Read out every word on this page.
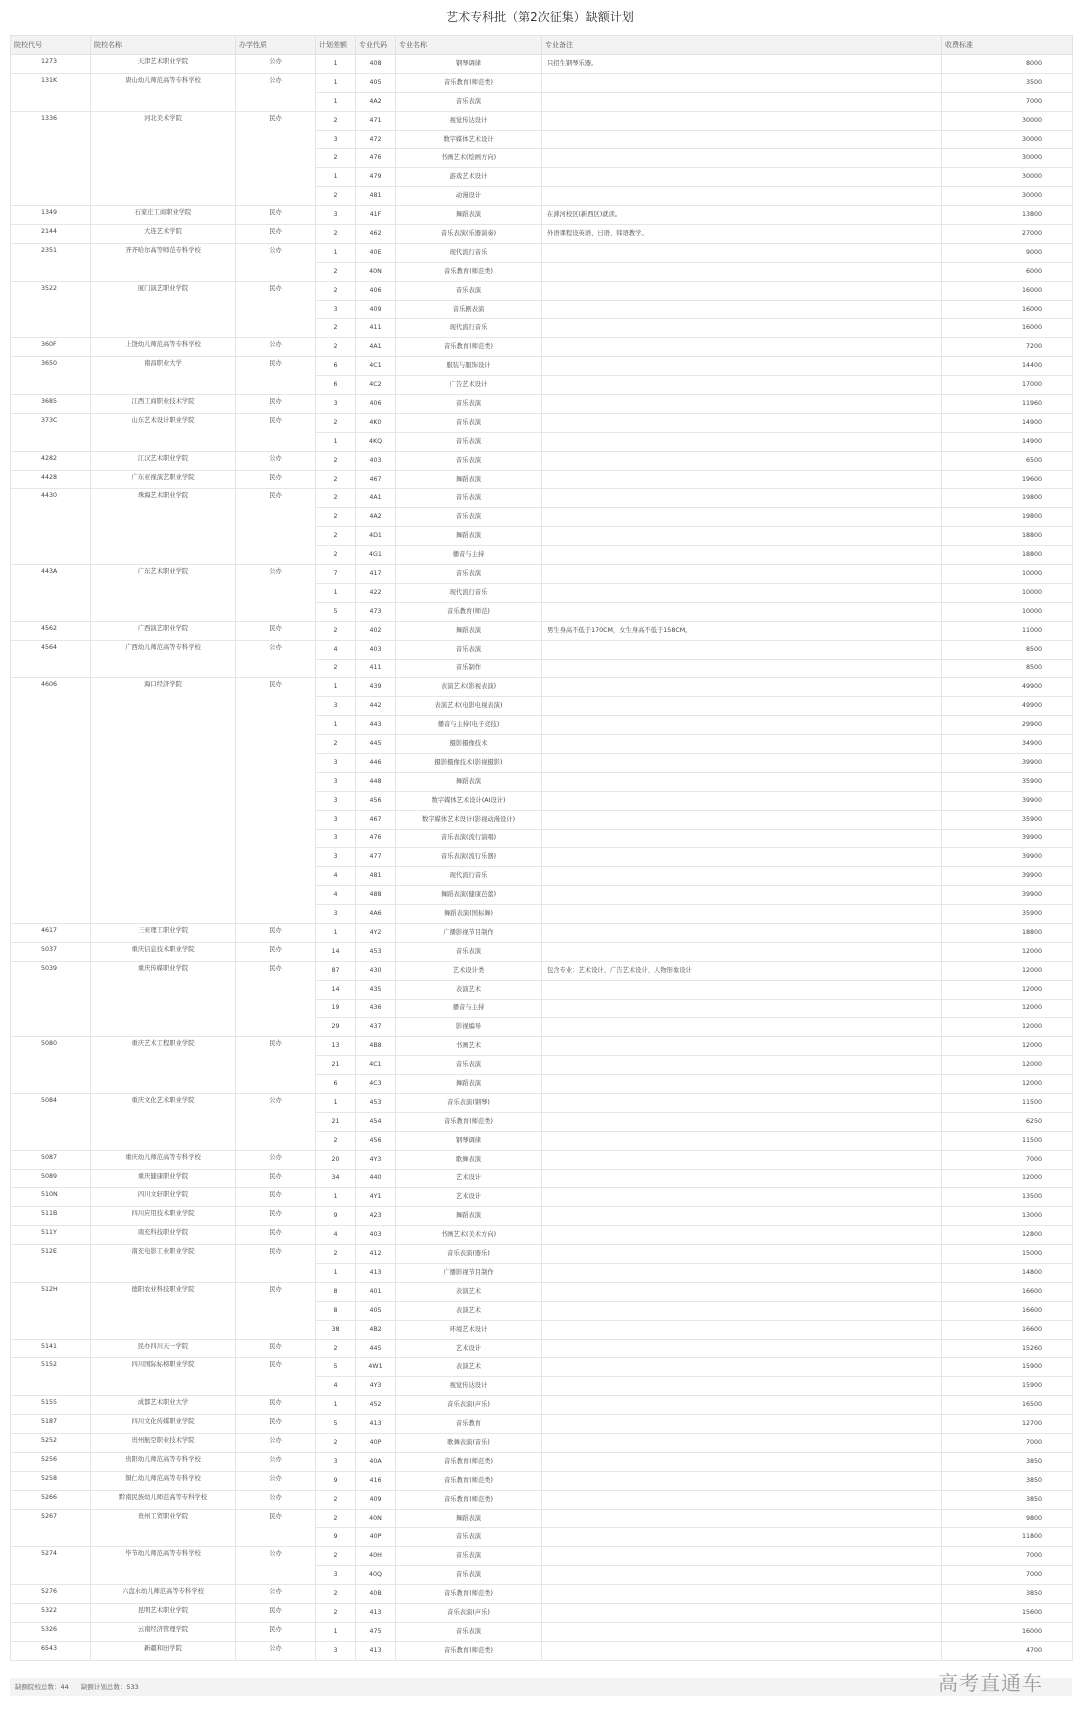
艺术专科批（第2次征集）缺额计划
院校代号	院校名称	办学性质	计划差额	专业代码	专业名称	专业备注	收费标准
1273	天津艺术职业学院	公办	1	408	钢琴调律	只招生钢琴乐器。	8000
131K	唐山幼儿师范高等专科学校	公办	1	405	音乐教育(师范类)		3500
			1	4A2	音乐表演		7000
1336	河北美术学院	民办	2	471	视觉传达设计		30000
			3	472	数字媒体艺术设计		30000
			2	476	书画艺术(绘画方向)		30000
			1	479	游戏艺术设计		30000
			2	481	动漫设计		30000
1349	石家庄工商职业学院	民办	3	41F	舞蹈表演	在滹河校区(新西区)就读。	13800
2144	大连艺术学院	民办	2	462	音乐表演(乐器演奏)	外语课程设英语、日语、韩语教学。	27000
2351	齐齐哈尔高等师范专科学校	公办	1	40E	现代流行音乐		9000
			2	40N	音乐教育(师范类)		6000
3522	厦门演艺职业学院	民办	2	406	音乐表演		16000
			3	409	音乐剧表演		16000
			2	411	现代流行音乐		16000
360F	上饶幼儿师范高等专科学校	公办	2	4A1	音乐教育(师范类)		7200
3650	南昌职业大学	民办	6	4C1	服装与服饰设计		14400
			6	4C2	广告艺术设计		17000
3685	江西工商职业技术学院	民办	3	406	音乐表演		11960
373C	山东艺术设计职业学院	民办	2	4K0	音乐表演		14900
			1	4KQ	音乐表演		14900
4282	江汉艺术职业学院	公办	2	403	音乐表演		6500
4428	广东亚视演艺职业学院	民办	2	467	舞蹈表演		19600
4430	珠海艺术职业学院	民办	2	4A1	音乐表演		19800
			2	4A2	音乐表演		19800
			2	4D1	舞蹈表演		18800
			2	4G1	播音与主持		18800
443A	广东艺术职业学院	公办	7	417	音乐表演		10000
			1	422	现代流行音乐		10000
			5	473	音乐教育(师范)		10000
4562	广西演艺职业学院	民办	2	402	舞蹈表演	男生身高不低于170CM，女生身高不低于158CM。	11000
4564	广西幼儿师范高等专科学校	公办	4	403	音乐表演		8500
			2	411	音乐制作		8500
4606	海口经济学院	民办	1	439	表演艺术(影视表演)		49900
			3	442	表演艺术(电影电视表演)		49900
			1	443	播音与主持(电子竞技)		29900
			2	445	摄影摄像技术		34900
			3	446	摄影摄像技术(影视摄影)		39900
			3	448	舞蹈表演		35900
			3	456	数字媒体艺术设计(AI设计)		39900
			3	467	数字媒体艺术设计(影视动漫设计)		35900
			3	476	音乐表演(流行演唱)		39900
			3	477	音乐表演(流行乐器)		39900
			4	481	现代流行音乐		39900
			4	488	舞蹈表演(健康芭蕾)		39900
			3	4A6	舞蹈表演(国标舞)		35900
4617	三亚理工职业学院	民办	1	4Y2	广播影视节目制作		18800
5037	重庆信息技术职业学院	民办	14	453	音乐表演		12000
5039	重庆传媒职业学院	民办	87	430	艺术设计类	包含专业：艺术设计、广告艺术设计、人物形象设计	12000
			14	435	表演艺术		12000
			19	436	播音与主持		12000
			29	437	影视编导		12000
5080	重庆艺术工程职业学院	民办	13	4B8	书画艺术		12000
			21	4C1	音乐表演		12000
			6	4C3	舞蹈表演		12000
5084	重庆文化艺术职业学院	公办	1	453	音乐表演(钢琴)		11500
			21	454	音乐教育(师范类)		6250
			2	456	钢琴调律		11500
5087	重庆幼儿师范高等专科学校	公办	20	4Y3	歌舞表演		7000
5089	重庆健康职业学院	民办	34	440	艺术设计		12000
510N	四川文轩职业学院	民办	1	4Y1	艺术设计		13500
511B	四川应用技术职业学院	民办	9	423	舞蹈表演		13000
511Y	南充科技职业学院	民办	4	403	书画艺术(美术方向)		12800
512E	南充电影工业职业学院	民办	2	412	音乐表演(器乐)		15000
			1	413	广播影视节目制作		14800
512H	德阳农业科技职业学院	民办	8	401	表演艺术		16600
			8	405	表演艺术		16600
			38	4B2	环境艺术设计		16600
5141	民办四川天一学院	民办	2	445	艺术设计		15260
5152	四川国际标榜职业学院	民办	5	4W1	表演艺术		15900
			4	4Y3	视觉传达设计		15900
5155	成都艺术职业大学	民办	1	452	音乐表演(声乐)		16500
5187	四川文化传媒职业学院	民办	5	413	音乐教育		12700
5252	贵州航空职业技术学院	公办	2	40P	歌舞表演(音乐)		7000
5256	贵阳幼儿师范高等专科学校	公办	3	40A	音乐教育(师范类)		3850
5258	铜仁幼儿师范高等专科学校	公办	9	416	音乐教育(师范类)		3850
5266	黔南民族幼儿师范高等专科学校	公办	2	409	音乐教育(师范类)		3850
5267	贵州工贸职业学院	民办	2	40N	舞蹈表演		9800
			9	40P	音乐表演		11800
5274	毕节幼儿师范高等专科学校	公办	2	40H	音乐表演		7000
			3	40Q	音乐表演		7000
5276	六盘水幼儿师范高等专科学校	公办	2	40B	音乐教育(师范类)		3850
5322	昆明艺术职业学院	民办	2	413	音乐表演(声乐)		15600
5326	云南经济管理学院	民办	1	475	音乐表演		16000
6543	新疆和田学院	公办	3	413	音乐教育(师范类)		4700
缺额院校总数：44 缺额计划总数：533	高考直通车
